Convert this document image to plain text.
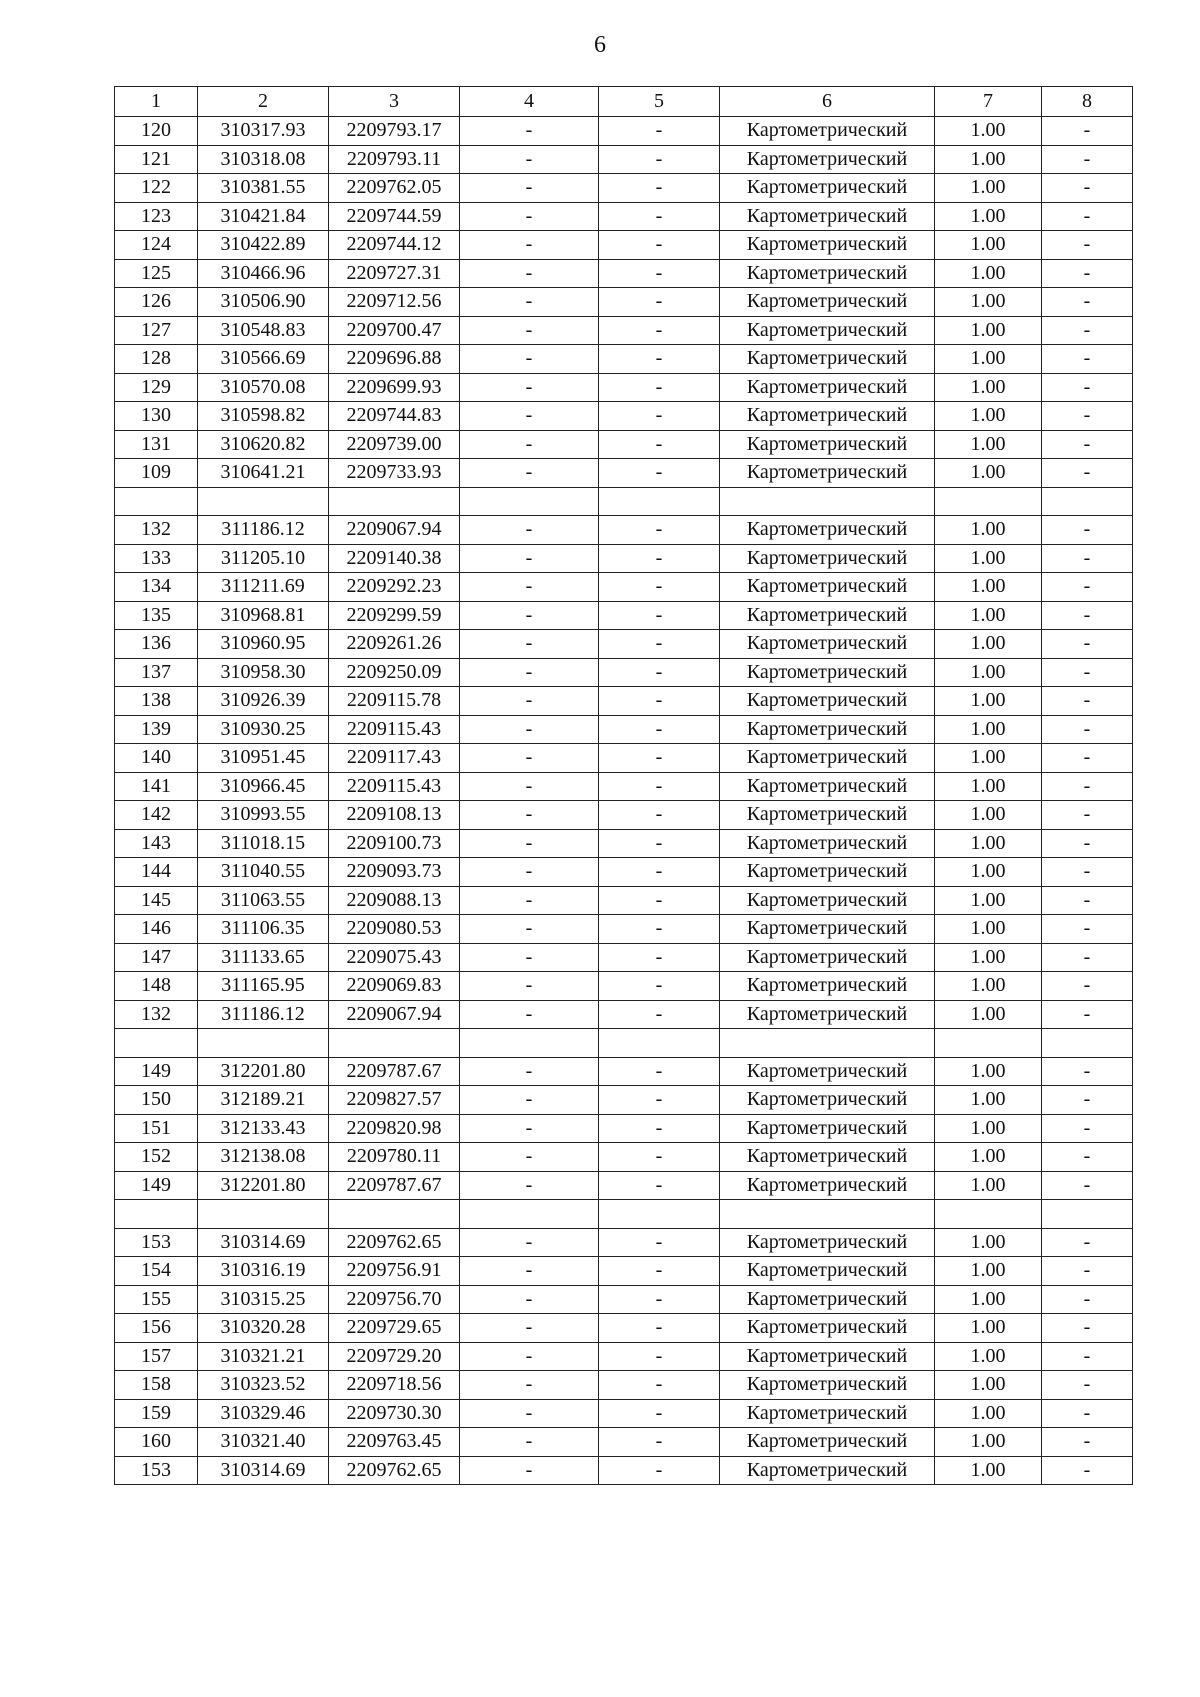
6
1	2	3	4	5	6	7	8
120	310317.93	2209793.17	-	-	Картометрический	1.00	-
121	310318.08	2209793.11	-	-	Картометрический	1.00	-
122	310381.55	2209762.05	-	-	Картометрический	1.00	-
123	310421.84	2209744.59	-	-	Картометрический	1.00	-
124	310422.89	2209744.12	-	-	Картометрический	1.00	-
125	310466.96	2209727.31	-	-	Картометрический	1.00	-
126	310506.90	2209712.56	-	-	Картометрический	1.00	-
127	310548.83	2209700.47	-	-	Картометрический	1.00	-
128	310566.69	2209696.88	-	-	Картометрический	1.00	-
129	310570.08	2209699.93	-	-	Картометрический	1.00	-
130	310598.82	2209744.83	-	-	Картометрический	1.00	-
131	310620.82	2209739.00	-	-	Картометрический	1.00	-
109	310641.21	2209733.93	-	-	Картометрический	1.00	-

132	311186.12	2209067.94	-	-	Картометрический	1.00	-
133	311205.10	2209140.38	-	-	Картометрический	1.00	-
134	311211.69	2209292.23	-	-	Картометрический	1.00	-
135	310968.81	2209299.59	-	-	Картометрический	1.00	-
136	310960.95	2209261.26	-	-	Картометрический	1.00	-
137	310958.30	2209250.09	-	-	Картометрический	1.00	-
138	310926.39	2209115.78	-	-	Картометрический	1.00	-
139	310930.25	2209115.43	-	-	Картометрический	1.00	-
140	310951.45	2209117.43	-	-	Картометрический	1.00	-
141	310966.45	2209115.43	-	-	Картометрический	1.00	-
142	310993.55	2209108.13	-	-	Картометрический	1.00	-
143	311018.15	2209100.73	-	-	Картометрический	1.00	-
144	311040.55	2209093.73	-	-	Картометрический	1.00	-
145	311063.55	2209088.13	-	-	Картометрический	1.00	-
146	311106.35	2209080.53	-	-	Картометрический	1.00	-
147	311133.65	2209075.43	-	-	Картометрический	1.00	-
148	311165.95	2209069.83	-	-	Картометрический	1.00	-
132	311186.12	2209067.94	-	-	Картометрический	1.00	-

149	312201.80	2209787.67	-	-	Картометрический	1.00	-
150	312189.21	2209827.57	-	-	Картометрический	1.00	-
151	312133.43	2209820.98	-	-	Картометрический	1.00	-
152	312138.08	2209780.11	-	-	Картометрический	1.00	-
149	312201.80	2209787.67	-	-	Картометрический	1.00	-

153	310314.69	2209762.65	-	-	Картометрический	1.00	-
154	310316.19	2209756.91	-	-	Картометрический	1.00	-
155	310315.25	2209756.70	-	-	Картометрический	1.00	-
156	310320.28	2209729.65	-	-	Картометрический	1.00	-
157	310321.21	2209729.20	-	-	Картометрический	1.00	-
158	310323.52	2209718.56	-	-	Картометрический	1.00	-
159	310329.46	2209730.30	-	-	Картометрический	1.00	-
160	310321.40	2209763.45	-	-	Картометрический	1.00	-
153	310314.69	2209762.65	-	-	Картометрический	1.00	-
